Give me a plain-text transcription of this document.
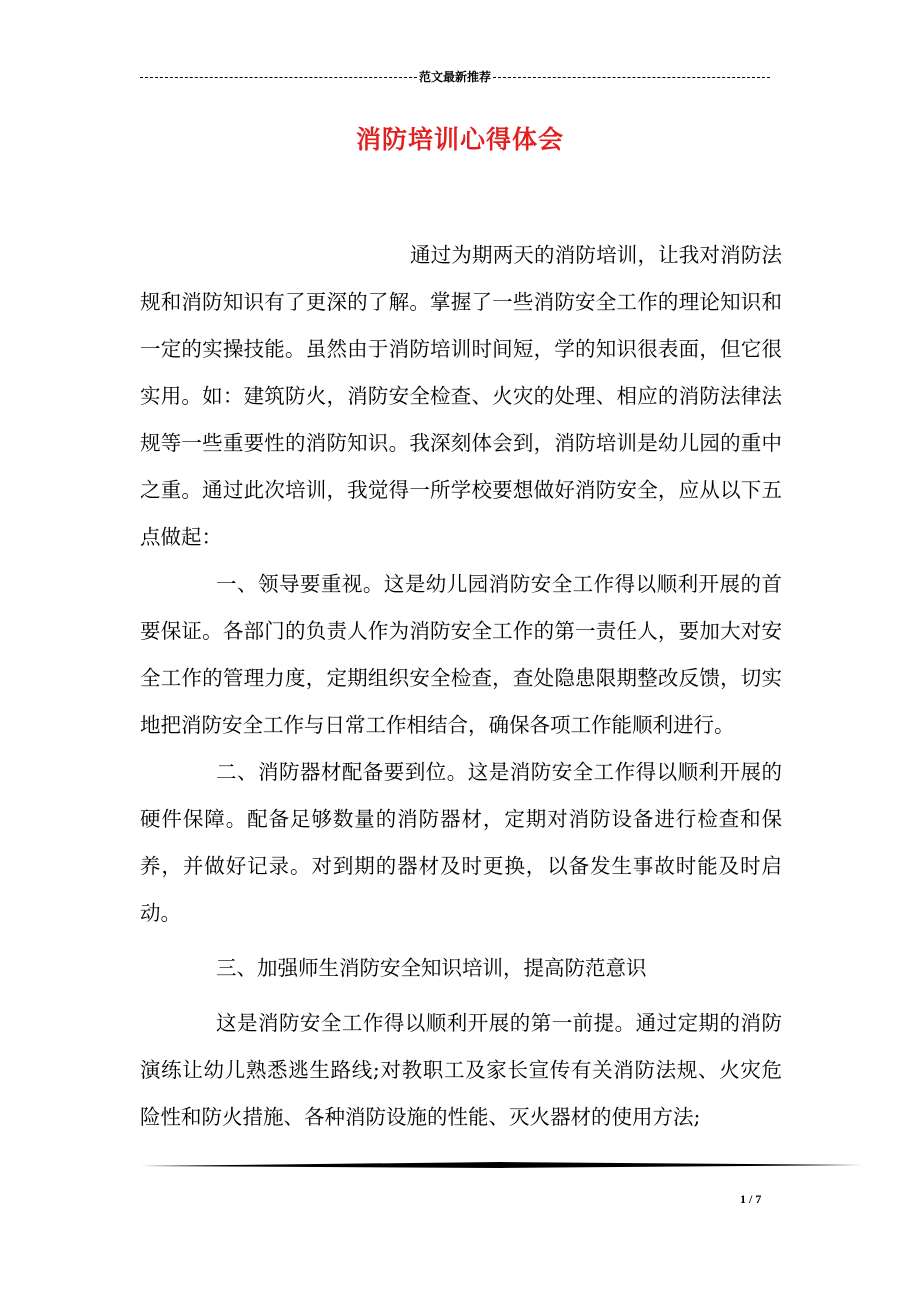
范文最新推荐
消防培训心得体会

通过为期两天的消防培训，让我对消防法规和消防知识有了更深的了解。掌握了一些消防安全工作的理论知识和一定的实操技能。虽然由于消防培训时间短，学的知识很表面，但它很实用。如：建筑防火，消防安全检查、火灾的处理、相应的消防法律法规等一些重要性的消防知识。我深刻体会到，消防培训是幼儿园的重中之重。通过此次培训，我觉得一所学校要想做好消防安全，应从以下五点做起：

一、领导要重视。这是幼儿园消防安全工作得以顺利开展的首要保证。各部门的负责人作为消防安全工作的第一责任人，要加大对安全工作的管理力度，定期组织安全检查，查处隐患限期整改反馈，切实地把消防安全工作与日常工作相结合，确保各项工作能顺利进行。

二、消防器材配备要到位。这是消防安全工作得以顺利开展的硬件保障。配备足够数量的消防器材，定期对消防设备进行检查和保养，并做好记录。对到期的器材及时更换，以备发生事故时能及时启动。

三、加强师生消防安全知识培训，提高防范意识

这是消防安全工作得以顺利开展的第一前提。通过定期的消防演练让幼儿熟悉逃生路线;对教职工及家长宣传有关消防法规、火灾危险性和防火措施、各种消防设施的性能、灭火器材的使用方法;

1 / 7
